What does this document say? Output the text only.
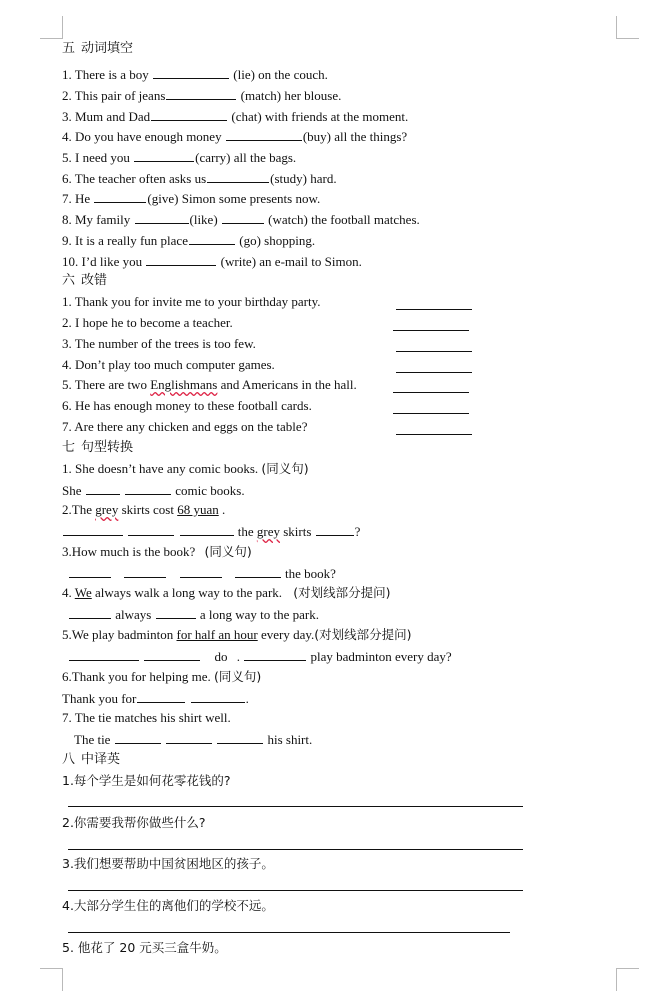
五 动词填空
1. There is a boy	(lie) on the couch.
2. This pair of jeans	(match) her blouse.
3. Mum and Dad	(chat) with friends at the moment.
4. Do you have enough money	(buy) all the things?
5. I need you	(carry) all the bags.
6. The teacher often asks us	(study) hard.
7. He	(give) Simon some presents now.
8. My family	(like)	(watch) the football matches.
9. It is a really fun place	(go) shopping.
10. I’d like you	(write) an e-mail to Simon.
六 改错
1. Thank you for invite me to your birthday party.
2. I hope he to become a teacher.
3. The number of the trees is too few.
4. Don’t play too much computer games.
5. There are two Englishmans and Americans in the hall.
6. He has enough money to these football cards.
7. Are there any chicken and eggs on the table?
七 句型转换
1. She doesn’t have any comic books. (同义句)
She	comic books.
2.The grey skirts cost 68 yuan .
the grey skirts	?
3.How much is the book? (同义句)
the book?
4. We always walk a long way to the park. (对划线部分提问)
always	a long way to the park.
5.We play badminton for half an hour every day.(对划线部分提问)
do .	play badminton every day?
6.Thank you for helping me. (同义句)
Thank you for	.
7. The tie matches his shirt well.
The tie	his shirt.
八 中译英
1.每个学生是如何花零花钱的?
2.你需要我帮你做些什么?
3.我们想要帮助中国贫困地区的孩子。
4.大部分学生住的离他们的学校不远。
5. 他花了 20 元买三盒牛奶。
